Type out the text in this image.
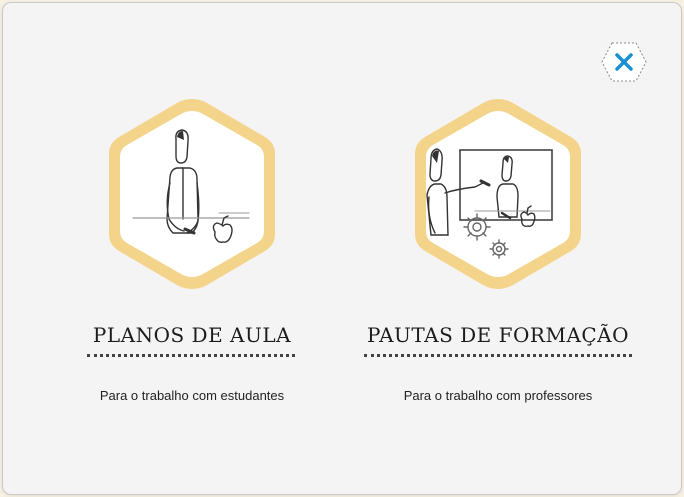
PLANOS DE AULA
Para o trabalho com estudantes
PAUTAS DE FORMAÇÃO
Para o trabalho com professores
